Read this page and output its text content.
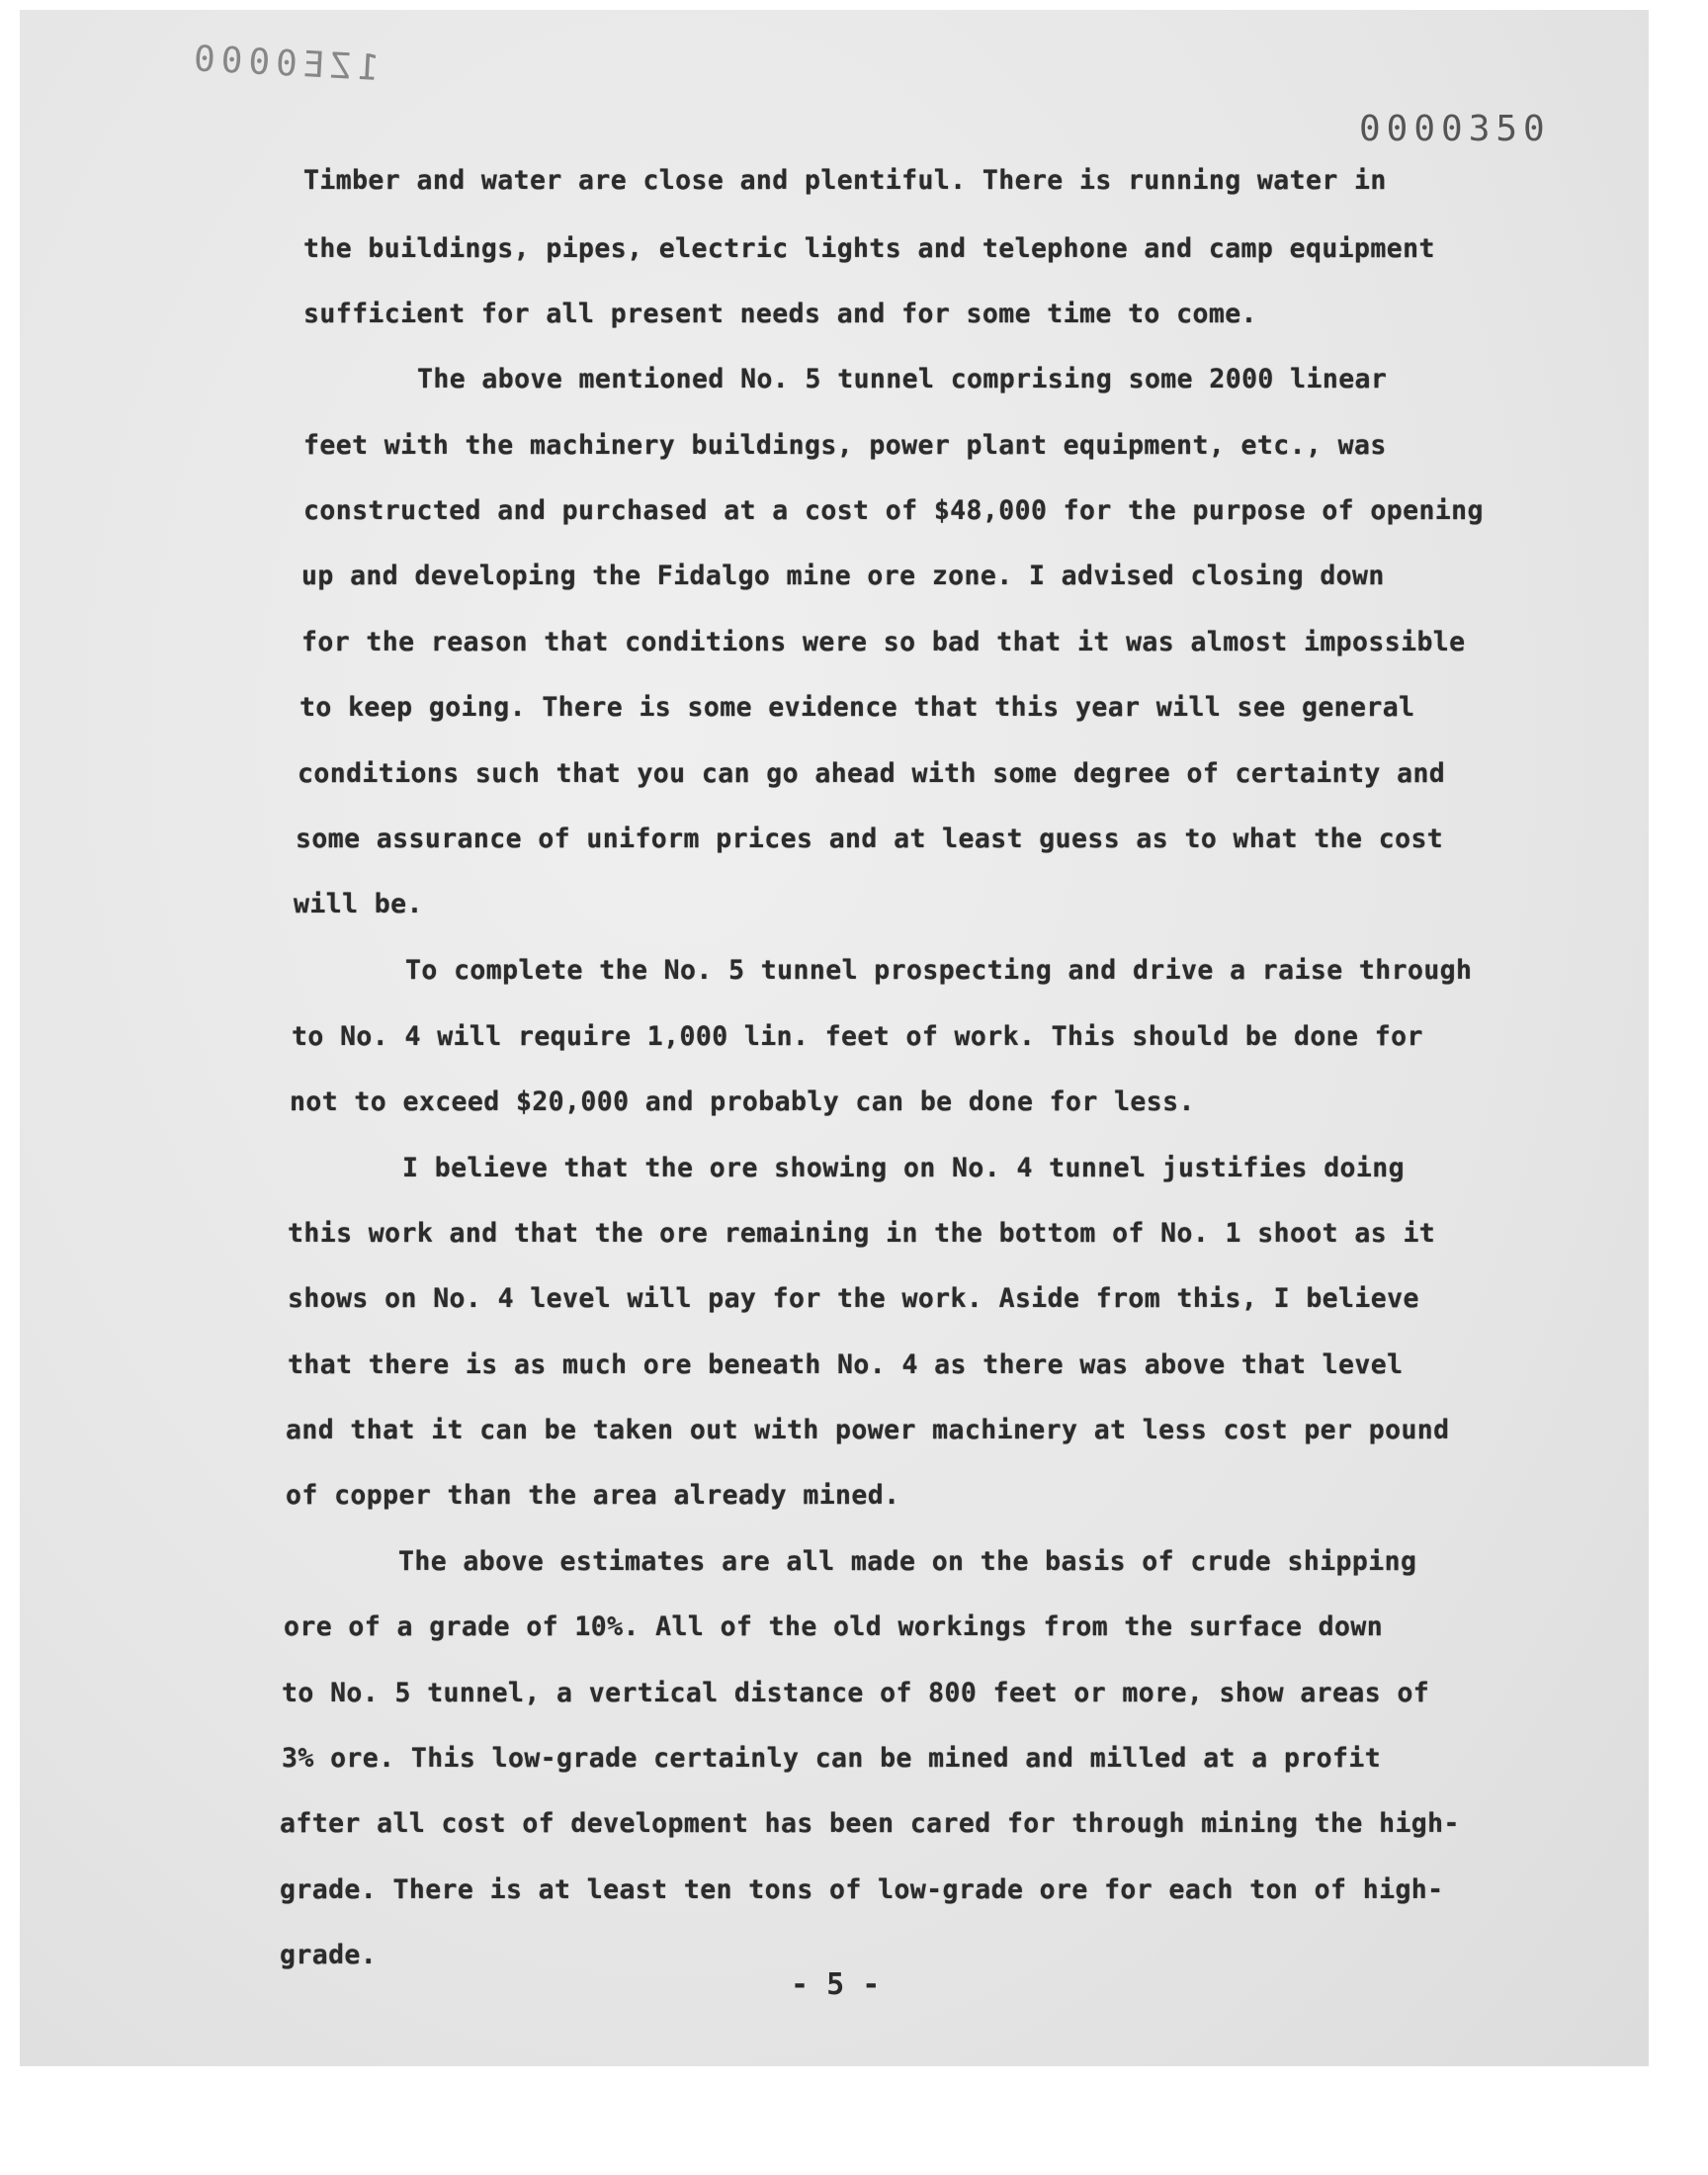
1ZE0000
0000350
Timber and water are close and plentiful. There is running water in
the buildings, pipes, electric lights and telephone and camp equipment
sufficient for all present needs and for some time to come.
The above mentioned No. 5 tunnel comprising some 2000 linear
feet with the machinery buildings, power plant equipment, etc., was
constructed and purchased at a cost of $48,000 for the purpose of opening
up and developing the Fidalgo mine ore zone. I advised closing down
for the reason that conditions were so bad that it was almost impossible
to keep going. There is some evidence that this year will see general
conditions such that you can go ahead with some degree of certainty and
some assurance of uniform prices and at least guess as to what the cost
will be.
To complete the No. 5 tunnel prospecting and drive a raise through
to No. 4 will require 1,000 lin. feet of work. This should be done for
not to exceed $20,000 and probably can be done for less.
I believe that the ore showing on No. 4 tunnel justifies doing
this work and that the ore remaining in the bottom of No. 1 shoot as it
shows on No. 4 level will pay for the work. Aside from this, I believe
that there is as much ore beneath No. 4 as there was above that level
and that it can be taken out with power machinery at less cost per pound
of copper than the area already mined.
The above estimates are all made on the basis of crude shipping
ore of a grade of 10%. All of the old workings from the surface down
to No. 5 tunnel, a vertical distance of 800 feet or more, show areas of
3% ore. This low-grade certainly can be mined and milled at a profit
after all cost of development has been cared for through mining the high-
grade. There is at least ten tons of low-grade ore for each ton of high-
grade.
- 5 -
